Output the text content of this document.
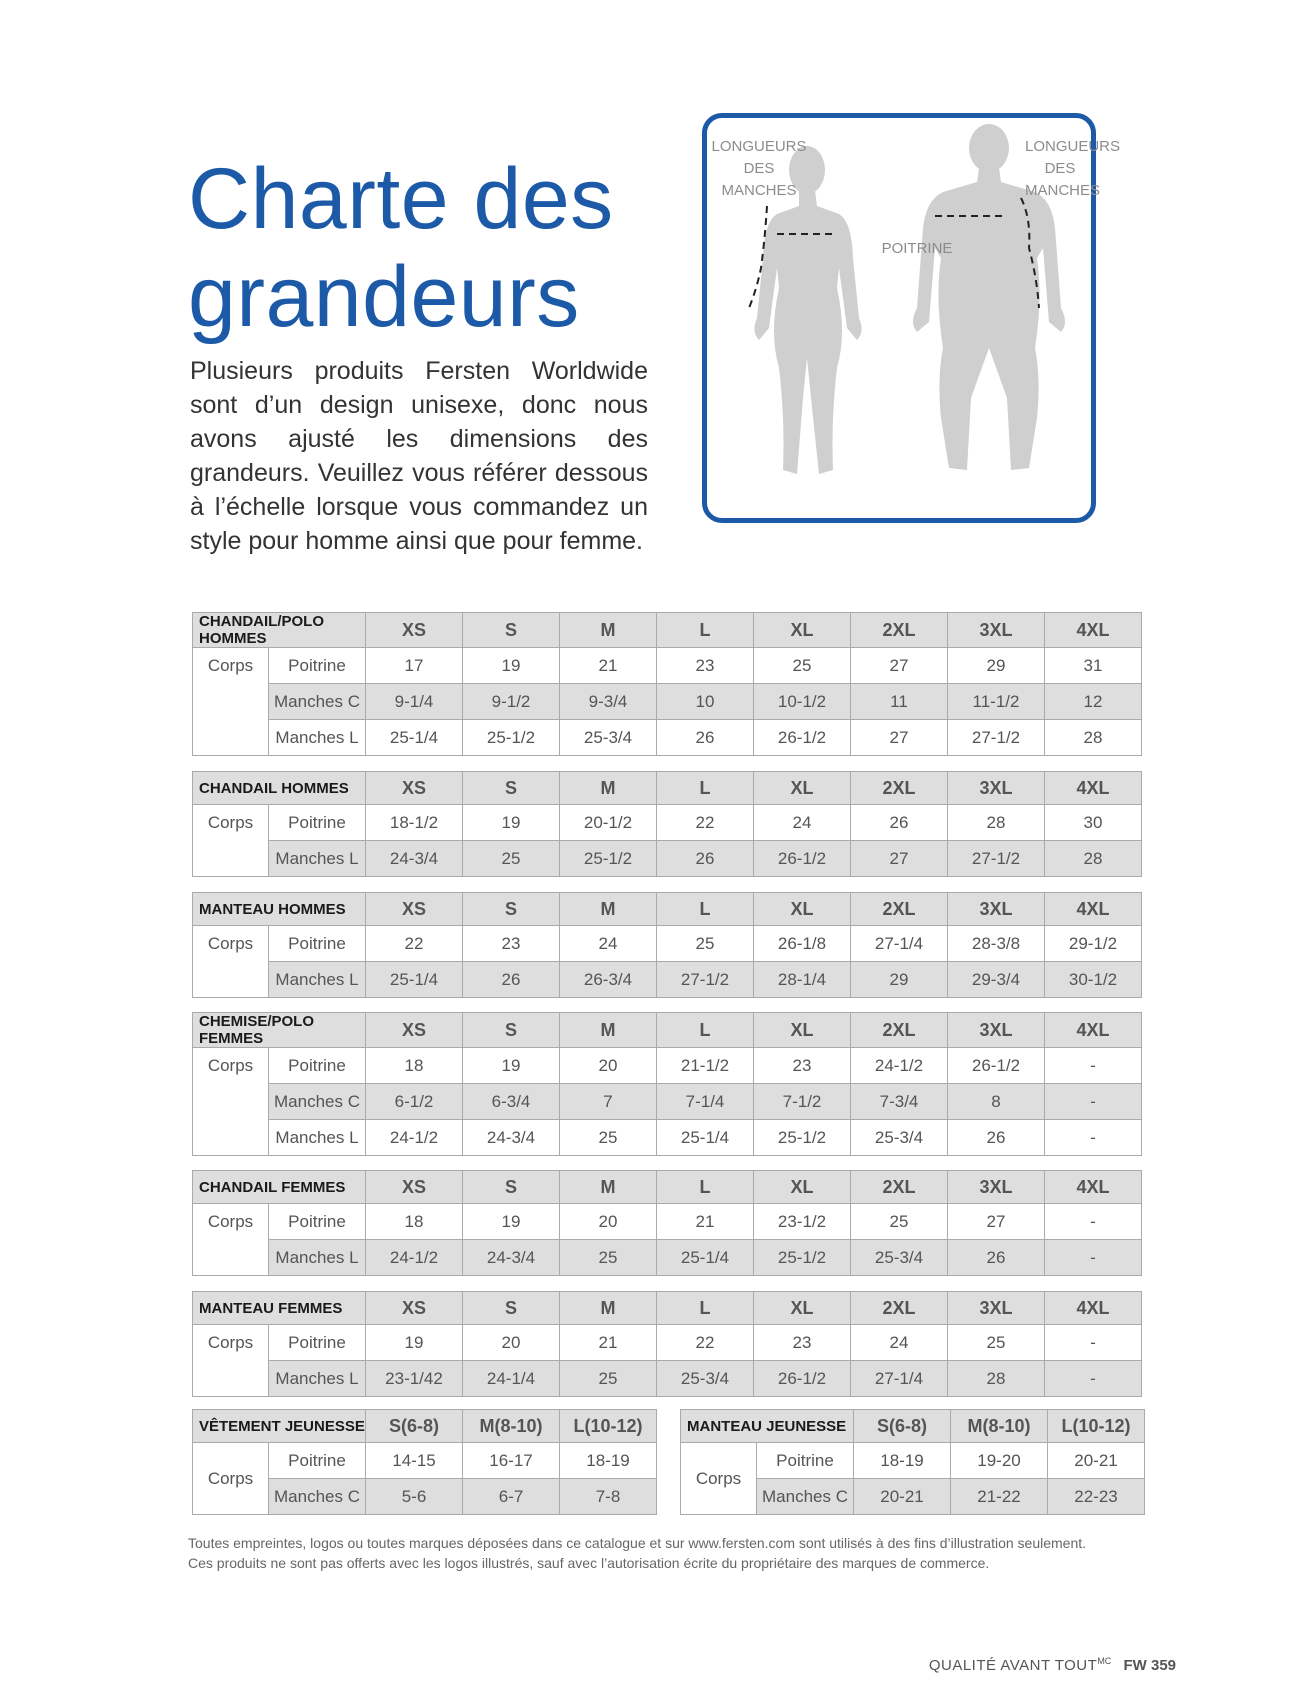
Charte des
grandeurs

Plusieurs produits Fersten Worldwide sont d’un design unisexe, donc nous avons ajusté les dimensions des grandeurs. Veuillez vous référer dessous à l’échelle lorsque vous commandez un style pour homme ainsi que pour femme.

LONGUEURS
DES
MANCHES
LONGUEURS
DES
MANCHES
POITRINE
CHANDAIL/POLO HOMMES		XS	S	M	L	XL	2XL	3XL	4XL
Corps	Poitrine	17	19	21	23	25	27	29	31
	Manches C	9-1/4	9-1/2	9-3/4	10	10-1/2	11	11-1/2	12
	Manches L	25-1/4	25-1/2	25-3/4	26	26-1/2	27	27-1/2	28
CHANDAIL HOMMES		XS	S	M	L	XL	2XL	3XL	4XL
Corps	Poitrine	18-1/2	19	20-1/2	22	24	26	28	30
	Manches L	24-3/4	25	25-1/2	26	26-1/2	27	27-1/2	28
MANTEAU HOMMES		XS	S	M	L	XL	2XL	3XL	4XL
Corps	Poitrine	22	23	24	25	26-1/8	27-1/4	28-3/8	29-1/2
	Manches L	25-1/4	26	26-3/4	27-1/2	28-1/4	29	29-3/4	30-1/2
CHEMISE/POLO FEMMES		XS	S	M	L	XL	2XL	3XL	4XL
Corps	Poitrine	18	19	20	21-1/2	23	24-1/2	26-1/2	-
	Manches C	6-1/2	6-3/4	7	7-1/4	7-1/2	7-3/4	8	-
	Manches L	24-1/2	24-3/4	25	25-1/4	25-1/2	25-3/4	26	-
CHANDAIL FEMMES		XS	S	M	L	XL	2XL	3XL	4XL
Corps	Poitrine	18	19	20	21	23-1/2	25	27	-
	Manches L	24-1/2	24-3/4	25	25-1/4	25-1/2	25-3/4	26	-
MANTEAU FEMMES		XS	S	M	L	XL	2XL	3XL	4XL
Corps	Poitrine	19	20	21	22	23	24	25	-
	Manches L	23-1/42	24-1/4	25	25-3/4	26-1/2	27-1/4	28	-
VÊTEMENT JEUNESSE		S(6-8)	M(8-10)	L(10-12)
Corps	Poitrine	14-15	16-17	18-19
	Manches C	5-6	6-7	7-8
MANTEAU JEUNESSE		S(6-8)	M(8-10)	L(10-12)
Corps	Poitrine	18-19	19-20	20-21
	Manches C	20-21	21-22	22-23

Toutes empreintes, logos ou toutes marques déposées dans ce catalogue et sur www.fersten.com sont utilisés à des fins d’illustration seulement.
Ces produits ne sont pas offerts avec les logos illustrés, sauf avec l’autorisation écrite du propriétaire des marques de commerce.

QUALITÉ AVANT $TOUT^{MC}$ FW 359
